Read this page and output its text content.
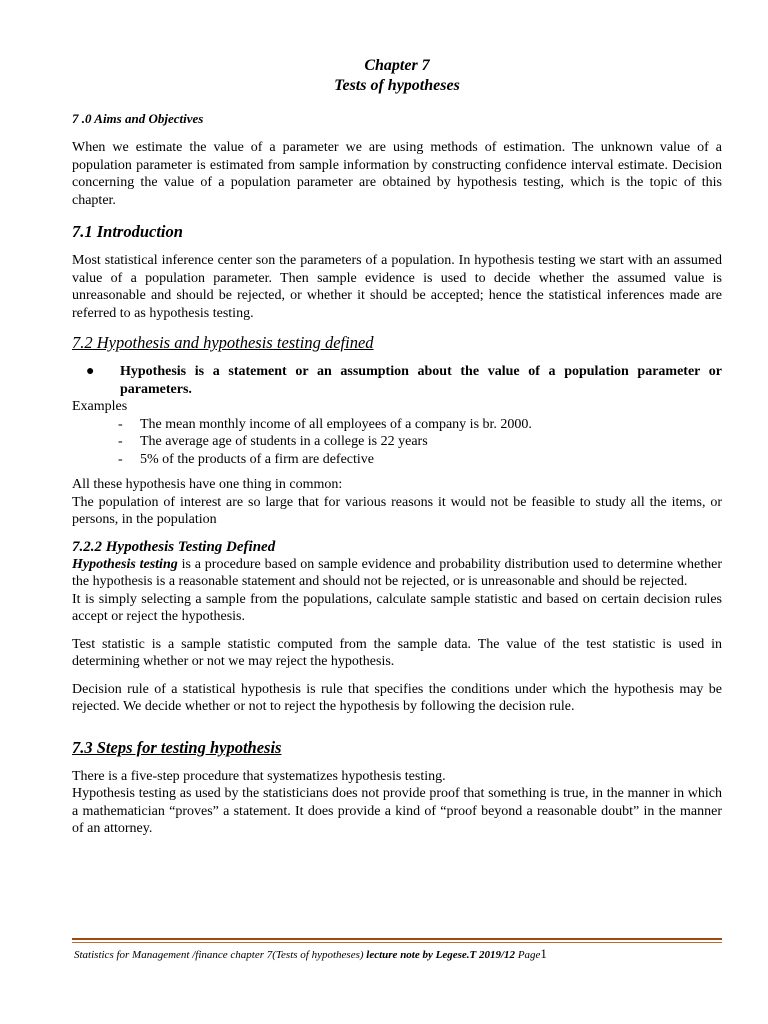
Chapter 7
Tests of hypotheses
7 .0 Aims and Objectives

When we estimate the value of a parameter we are using methods of estimation. The unknown value of a population parameter is estimated from sample information by constructing confidence interval estimate. Decision concerning the value of a population parameter are obtained by hypothesis testing, which is the topic of this chapter.

7.1 Introduction

Most statistical inference center son the parameters of a population. In hypothesis testing we start with an assumed value of a population parameter. Then sample evidence is used to decide whether the assumed value is unreasonable and should be rejected, or whether it should be accepted; hence the statistical inferences made are referred to as hypothesis testing.

7.2 Hypothesis and hypothesis testing defined
●	Hypothesis is a statement or an assumption about the value of a population parameter or parameters.
Examples
-	The mean monthly income of all employees of a company is br. 2000.
-	The average age of students in a college is 22 years
-	5% of the products of a firm are defective

All these hypothesis have one thing in common:

The population of interest are so large that for various reasons it would not be feasible to study all the items, or persons, in the population

7.2.2 Hypothesis Testing Defined

Hypothesis testing is a procedure based on sample evidence and probability distribution used to determine whether the hypothesis is a reasonable statement and should not be rejected, or is unreasonable and should be rejected.

It is simply selecting a sample from the populations, calculate sample statistic and based on certain decision rules accept or reject the hypothesis.

Test statistic is a sample statistic computed from the sample data. The value of the test statistic is used in determining whether or not we may reject the hypothesis.

Decision rule of a statistical hypothesis is rule that specifies the conditions under which the hypothesis may be rejected. We decide whether or not to reject the hypothesis by following the decision rule.

7.3 Steps for testing hypothesis

There is a five-step procedure that systematizes hypothesis testing.

Hypothesis testing as used by the statisticians does not provide proof that something is true, in the manner in which a mathematician “proves” a statement. It does provide a kind of “proof beyond a reasonable doubt” in the manner of an attorney.

Statistics for Management /finance chapter 7(Tests of hypotheses) lecture note by Legese.T 2019/12 Page1
